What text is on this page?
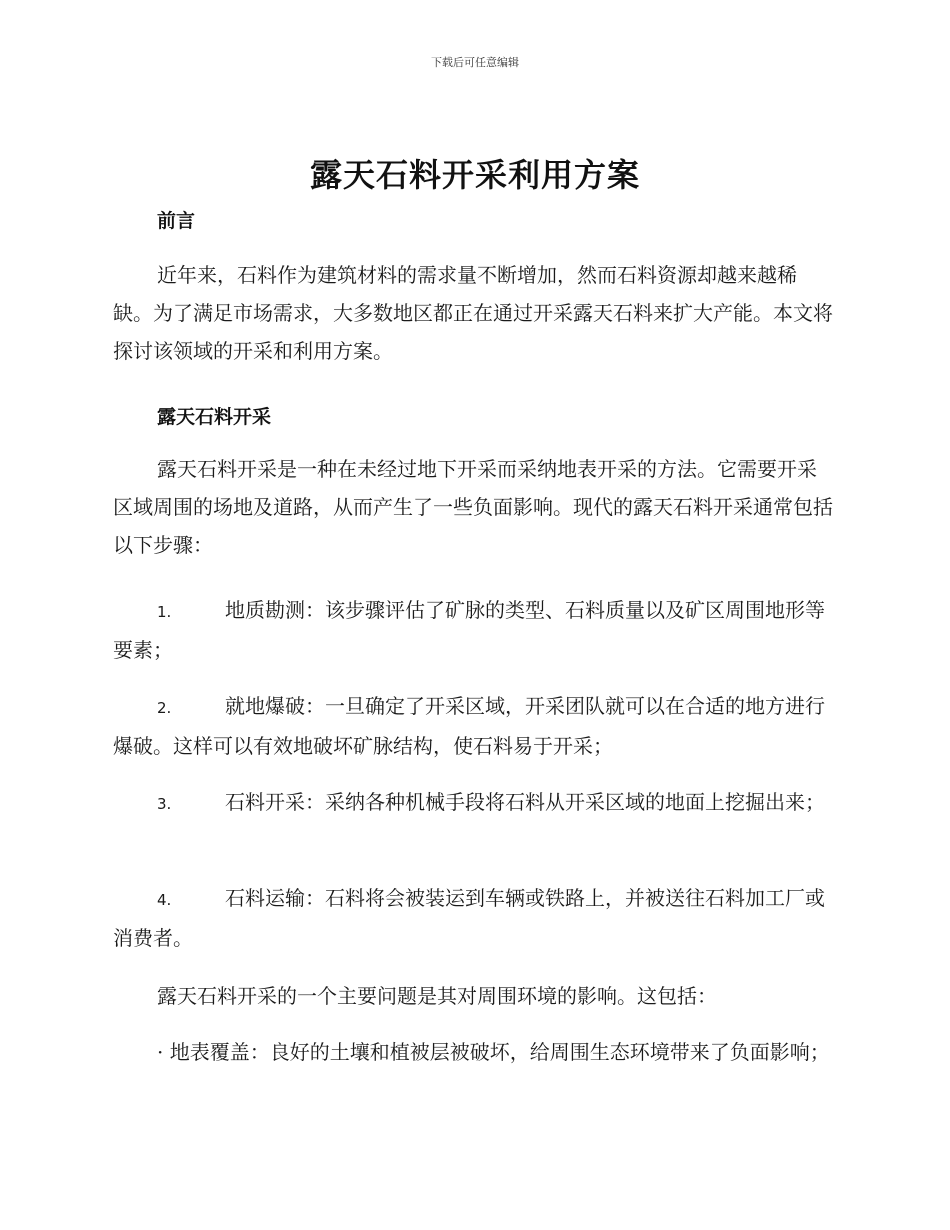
下载后可任意编辑
露天石料开采利用方案
前言

近年来，石料作为建筑材料的需求量不断增加，然而石料资源却越来越稀缺。为了满足市场需求，大多数地区都正在通过开采露天石料来扩大产能。本文将探讨该领域的开采和利用方案。

露天石料开采

露天石料开采是一种在未经过地下开采而采纳地表开采的方法。它需要开采区域周围的场地及道路，从而产生了一些负面影响。现代的露天石料开采通常包括以下步骤：

1.	地质勘测：该步骤评估了矿脉的类型、石料质量以及矿区周围地形等要素；

2.	就地爆破：一旦确定了开采区域，开采团队就可以在合适的地方进行爆破。这样可以有效地破坏矿脉结构，使石料易于开采；

3.	石料开采：采纳各种机械手段将石料从开采区域的地面上挖掘出来；

4.	石料运输：石料将会被装运到车辆或铁路上，并被送往石料加工厂或消费者。

露天石料开采的一个主要问题是其对周围环境的影响。这包括：

· 地表覆盖：良好的土壤和植被层被破坏，给周围生态环境带来了负面影响；
